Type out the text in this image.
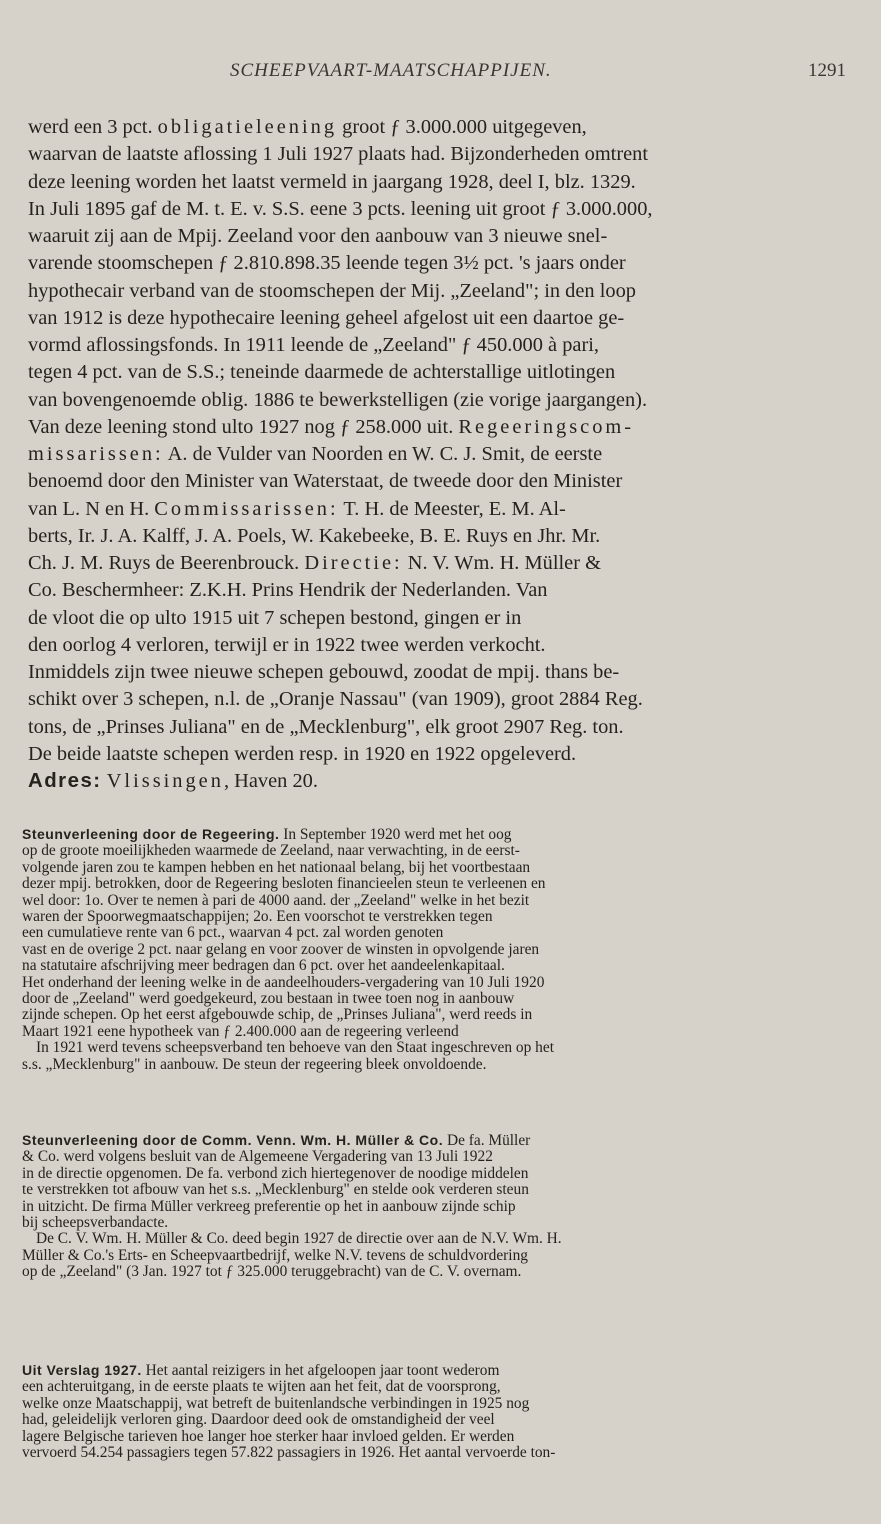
SCHEEPVAART-MAATSCHAPPIJEN.	1291
werd een 3 pct. obligatieleening groot ƒ 3.000.000 uitgegeven,
waarvan de laatste aflossing 1 Juli 1927 plaats had. Bijzonderheden omtrent
deze leening worden het laatst vermeld in jaargang 1928, deel I, blz. 1329.
In Juli 1895 gaf de M. t. E. v. S.S. eene 3 pcts. leening uit groot ƒ 3.000.000,
waaruit zij aan de Mpij. Zeeland voor den aanbouw van 3 nieuwe snel-
varende stoomschepen ƒ 2.810.898.35 leende tegen 3½ pct. 's jaars onder
hypothecair verband van de stoomschepen der Mij. „Zeeland"; in den loop
van 1912 is deze hypothecaire leening geheel afgelost uit een daartoe ge-
vormd aflossingsfonds. In 1911 leende de „Zeeland" ƒ 450.000 à pari,
tegen 4 pct. van de S.S.; teneinde daarmede de achterstallige uitlotingen
van bovengenoemde oblig. 1886 te bewerkstelligen (zie vorige jaargangen).
Van deze leening stond ulto 1927 nog ƒ 258.000 uit. Regeeringscom-
missarissen: A. de Vulder van Noorden en W. C. J. Smit, de eerste
benoemd door den Minister van Waterstaat, de tweede door den Minister
van L. N en H. Commissarissen: T. H. de Meester, E. M. Al-
berts, Ir. J. A. Kalff, J. A. Poels, W. Kakebeeke, B. E. Ruys en Jhr. Mr.
Ch. J. M. Ruys de Beerenbrouck. Directie: N. V. Wm. H. Müller &
Co. Beschermheer: Z.K.H. Prins Hendrik der Nederlanden. Van
de vloot die op ulto 1915 uit 7 schepen bestond, gingen er in
den oorlog 4 verloren, terwijl er in 1922 twee werden verkocht.
Inmiddels zijn twee nieuwe schepen gebouwd, zoodat de mpij. thans be-
schikt over 3 schepen, n.l. de „Oranje Nassau" (van 1909), groot 2884 Reg.
tons, de „Prinses Juliana" en de „Mecklenburg", elk groot 2907 Reg. ton.
De beide laatste schepen werden resp. in 1920 en 1922 opgeleverd.
Adres: Vlissingen, Haven 20.
Steunverleening door de Regeering. In September 1920 werd met het oog
op de groote moeilijkheden waarmede de Zeeland, naar verwachting, in de eerst-
volgende jaren zou te kampen hebben en het nationaal belang, bij het voortbestaan
dezer mpij. betrokken, door de Regeering besloten financieelen steun te verleenen en
wel door: 1o. Over te nemen à pari de 4000 aand. der „Zeeland" welke in het bezit
waren der Spoorwegmaatschappijen; 2o. Een voorschot te verstrekken tegen
een cumulatieve rente van 6 pct., waarvan 4 pct. zal worden genoten
vast en de overige 2 pct. naar gelang en voor zoover de winsten in opvolgende jaren
na statutaire afschrijving meer bedragen dan 6 pct. over het aandeelenkapitaal.
Het onderhand der leening welke in de aandeelhouders-vergadering van 10 Juli 1920
door de „Zeeland" werd goedgekeurd, zou bestaan in twee toen nog in aanbouw
zijnde schepen. Op het eerst afgebouwde schip, de „Prinses Juliana", werd reeds in
Maart 1921 eene hypotheek van ƒ 2.400.000 aan de regeering verleend
In 1921 werd tevens scheepsverband ten behoeve van den Staat ingeschreven op het
s.s. „Mecklenburg" in aanbouw. De steun der regeering bleek onvoldoende.
Steunverleening door de Comm. Venn. Wm. H. Müller & Co. De fa. Müller
& Co. werd volgens besluit van de Algemeene Vergadering van 13 Juli 1922
in de directie opgenomen. De fa. verbond zich hiertegenover de noodige middelen
te verstrekken tot afbouw van het s.s. „Mecklenburg" en stelde ook verderen steun
in uitzicht. De firma Müller verkreeg preferentie op het in aanbouw zijnde schip
bij scheepsverbandacte.
De C. V. Wm. H. Müller & Co. deed begin 1927 de directie over aan de N.V. Wm. H.
Müller & Co.'s Erts- en Scheepvaartbedrijf, welke N.V. tevens de schuldvordering
op de „Zeeland" (3 Jan. 1927 tot ƒ 325.000 teruggebracht) van de C. V. overnam.
Uit Verslag 1927. Het aantal reizigers in het afgeloopen jaar toont wederom
een achteruitgang, in de eerste plaats te wijten aan het feit, dat de voorsprong,
welke onze Maatschappij, wat betreft de buitenlandsche verbindingen in 1925 nog
had, geleidelijk verloren ging. Daardoor deed ook de omstandigheid der veel
lagere Belgische tarieven hoe langer hoe sterker haar invloed gelden. Er werden
vervoerd 54.254 passagiers tegen 57.822 passagiers in 1926. Het aantal vervoerde ton-
